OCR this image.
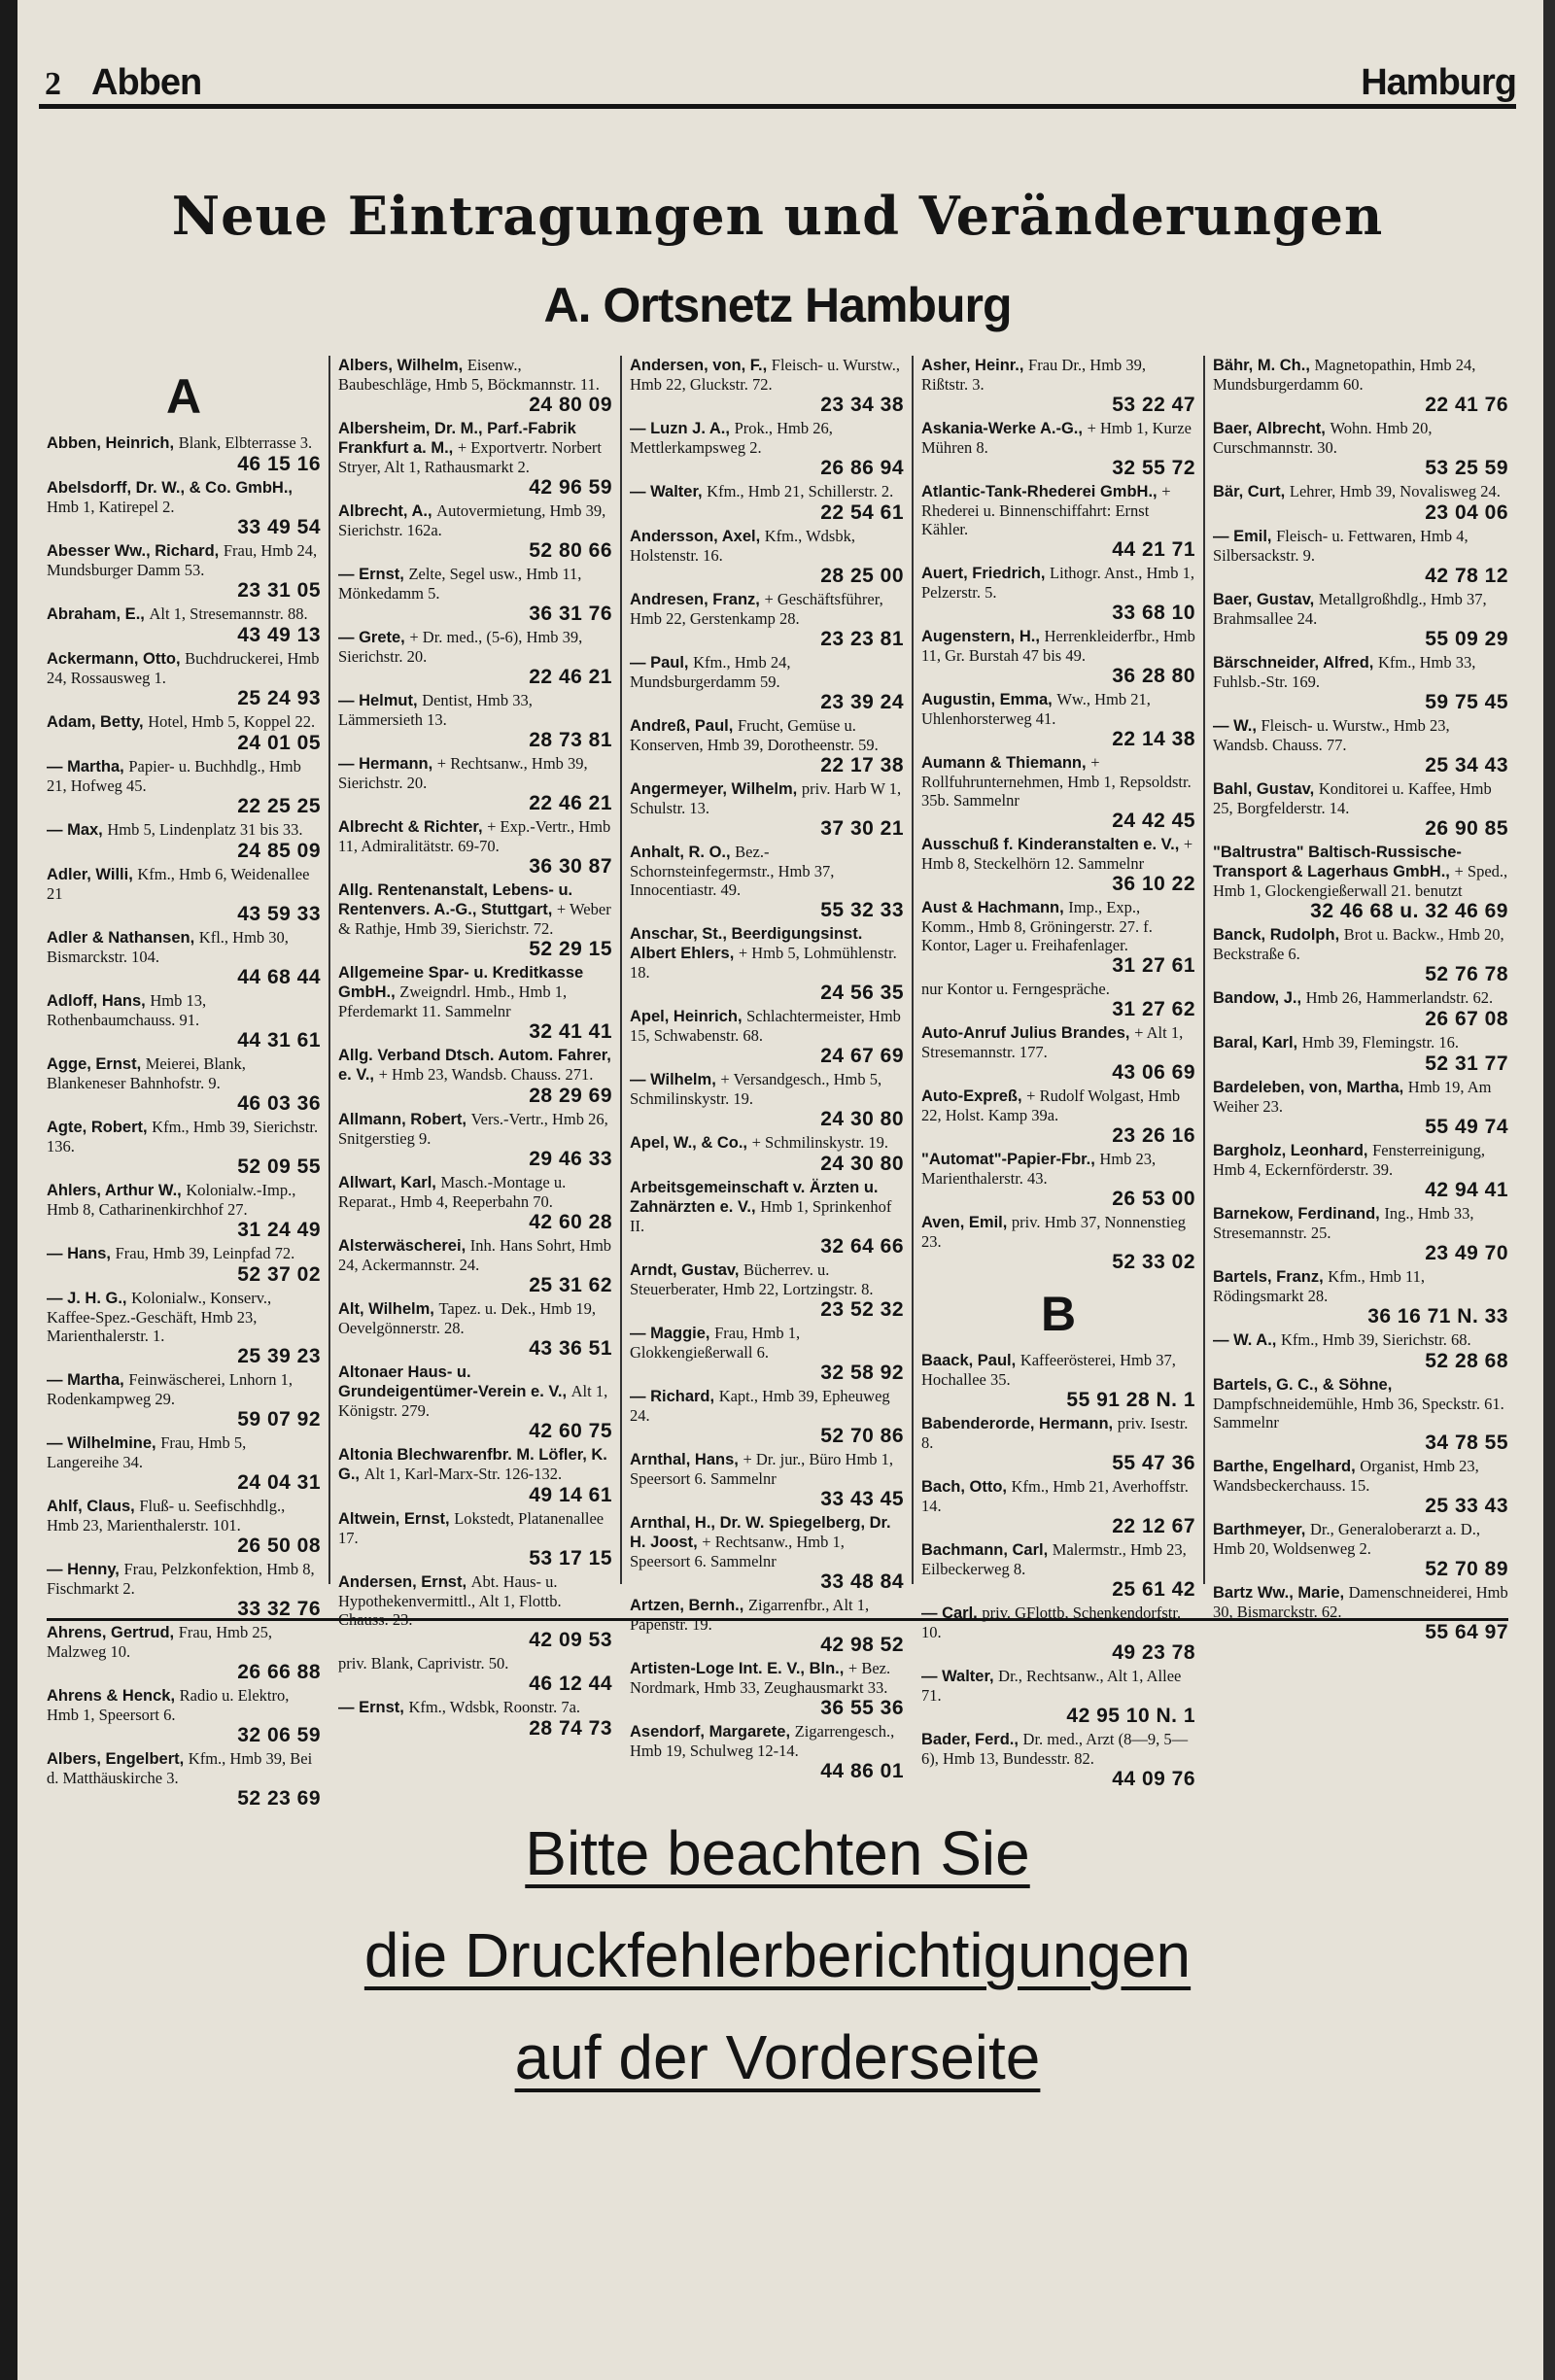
2 Abben	Hamburg
Neue Eintragungen und Veränderungen
A. Ortsnetz Hamburg
A
Abben, Heinrich, Blank, Elbterrasse 3.
46 15 16
Abelsdorff, Dr. W., & Co. GmbH., Hmb 1, Katirepel 2.
33 49 54
Abesser Ww., Richard, Frau, Hmb 24, Mundsburger Damm 53.
23 31 05
Abraham, E., Alt 1, Stresemannstr. 88.
43 49 13
Ackermann, Otto, Buchdruckerei, Hmb 24, Rossausweg 1.
25 24 93
Adam, Betty, Hotel, Hmb 5, Koppel 22.
24 01 05
— Martha, Papier- u. Buchhdlg., Hmb 21, Hofweg 45.
22 25 25
— Max, Hmb 5, Lindenplatz 31 bis 33.
24 85 09
Adler, Willi, Kfm., Hmb 6, Weidenallee 21
43 59 33
Adler & Nathansen, Kfl., Hmb 30, Bismarckstr. 104.
44 68 44
Adloff, Hans, Hmb 13, Rothenbaumchauss. 91.
44 31 61
Agge, Ernst, Meierei, Blank, Blankeneser Bahnhofstr. 9.
46 03 36
Agte, Robert, Kfm., Hmb 39, Sierichstr. 136.
52 09 55
Ahlers, Arthur W., Kolonialw.-Imp., Hmb 8, Catharinenkirchhof 27.
31 24 49
— Hans, Frau, Hmb 39, Leinpfad 72.
52 37 02
— J. H. G., Kolonialw., Konserv., Kaffee-Spez.-Geschäft, Hmb 23, Marienthalerstr. 1.
25 39 23
— Martha, Feinwäscherei, Lnhorn 1, Rodenkampweg 29.
59 07 92
— Wilhelmine, Frau, Hmb 5, Langereihe 34.
24 04 31
Ahlf, Claus, Fluß- u. Seefischhdlg., Hmb 23, Marienthalerstr. 101.
26 50 08
— Henny, Frau, Pelzkonfektion, Hmb 8, Fischmarkt 2.
33 32 76
Ahrens, Gertrud, Frau, Hmb 25, Malzweg 10.
26 66 88
Ahrens & Henck, Radio u. Elektro, Hmb 1, Speersort 6.
32 06 59
Albers, Engelbert, Kfm., Hmb 39, Bei d. Matthäuskirche 3.
52 23 69
Albers, Wilhelm, Eisenw., Baubeschläge, Hmb 5, Böckmannstr. 11.
24 80 09
Albersheim, Dr. M., Parf.-Fabrik Frankfurt a. M., + Exportvertr. Norbert Stryer, Alt 1, Rathausmarkt 2.
42 96 59
Albrecht, A., Autovermietung, Hmb 39, Sierichstr. 162a.
52 80 66
— Ernst, Zelte, Segel usw., Hmb 11, Mönkedamm 5.
36 31 76
— Grete, + Dr. med., (5-6), Hmb 39, Sierichstr. 20.
22 46 21
— Helmut, Dentist, Hmb 33, Lämmersieth 13.
28 73 81
— Hermann, + Rechtsanw., Hmb 39, Sierichstr. 20.
22 46 21
Albrecht & Richter, + Exp.-Vertr., Hmb 11, Admiralitätstr. 69-70.
36 30 87
Allg. Rentenanstalt, Lebens- u. Rentenvers. A.-G., Stuttgart, + Weber & Rathje, Hmb 39, Sierichstr. 72.
52 29 15
Allgemeine Spar- u. Kreditkasse GmbH., Zweigndrl. Hmb., Hmb 1, Pferdemarkt 11. Sammelnr
32 41 41
Allg. Verband Dtsch. Autom. Fahrer, e. V., + Hmb 23, Wandsb. Chauss. 271.
28 29 69
Allmann, Robert, Vers.-Vertr., Hmb 26, Snitgerstieg 9.
29 46 33
Allwart, Karl, Masch.-Montage u. Reparat., Hmb 4, Reeperbahn 70.
42 60 28
Alsterwäscherei, Inh. Hans Sohrt, Hmb 24, Ackermannstr. 24.
25 31 62
Alt, Wilhelm, Tapez. u. Dek., Hmb 19, Oevelgönnerstr. 28.
43 36 51
Altonaer Haus- u. Grundeigentümer-Verein e. V., Alt 1, Königstr. 279.
42 60 75
Altonia Blechwarenfbr. M. Löfler, K. G., Alt 1, Karl-Marx-Str. 126-132.
49 14 61
Altwein, Ernst, Lokstedt, Platanenallee 17.
53 17 15
Andersen, Ernst, Abt. Haus- u. Hypothekenvermittl., Alt 1, Flottb. Chauss. 23.
42 09 53
priv. Blank, Caprivistr. 50.
46 12 44
— Ernst, Kfm., Wdsbk, Roonstr. 7a.
28 74 73
Andersen, von, F., Fleisch- u. Wurstw., Hmb 22, Gluckstr. 72.
23 34 38
— Luzn J. A., Prok., Hmb 26, Mettlerkampsweg 2.
26 86 94
— Walter, Kfm., Hmb 21, Schillerstr. 2.
22 54 61
Andersson, Axel, Kfm., Wdsbk, Holstenstr. 16.
28 25 00
Andresen, Franz, + Geschäftsführer, Hmb 22, Gerstenkamp 28.
23 23 81
— Paul, Kfm., Hmb 24, Mundsburgerdamm 59.
23 39 24
Andreß, Paul, Frucht, Gemüse u. Konserven, Hmb 39, Dorotheenstr. 59.
22 17 38
Angermeyer, Wilhelm, priv. Harb W 1, Schulstr. 13.
37 30 21
Anhalt, R. O., Bez.-Schornsteinfegermstr., Hmb 37, Innocentiastr. 49.
55 32 33
Anschar, St., Beerdigungsinst. Albert Ehlers, + Hmb 5, Lohmühlenstr. 18.
24 56 35
Apel, Heinrich, Schlachtermeister, Hmb 15, Schwabenstr. 68.
24 67 69
— Wilhelm, + Versandgesch., Hmb 5, Schmilinskystr. 19.
24 30 80
Apel, W., & Co., + Schmilinskystr. 19.
24 30 80
Arbeitsgemeinschaft v. Ärzten u. Zahnärzten e. V., Hmb 1, Sprinkenhof II.
32 64 66
Arndt, Gustav, Bücherrev. u. Steuerberater, Hmb 22, Lortzingstr. 8.
23 52 32
— Maggie, Frau, Hmb 1, Glokkengießerwall 6.
32 58 92
— Richard, Kapt., Hmb 39, Epheuweg 24.
52 70 86
Arnthal, Hans, + Dr. jur., Büro Hmb 1, Speersort 6. Sammelnr
33 43 45
Arnthal, H., Dr. W. Spiegelberg, Dr. H. Joost, + Rechtsanw., Hmb 1, Speersort 6. Sammelnr
33 48 84
Artzen, Bernh., Zigarrenfbr., Alt 1, Papenstr. 19.
42 98 52
Artisten-Loge Int. E. V., Bln., + Bez. Nordmark, Hmb 33, Zeughausmarkt 33.
36 55 36
Asendorf, Margarete, Zigarrengesch., Hmb 19, Schulweg 12-14.
44 86 01
Asher, Heinr., Frau Dr., Hmb 39, Rißtstr. 3.
53 22 47
Askania-Werke A.-G., + Hmb 1, Kurze Mühren 8.
32 55 72
Atlantic-Tank-Rhederei GmbH., + Rhederei u. Binnenschiffahrt: Ernst Kähler.
44 21 71
Auert, Friedrich, Lithogr. Anst., Hmb 1, Pelzerstr. 5.
33 68 10
Augenstern, H., Herrenkleiderfbr., Hmb 11, Gr. Burstah 47 bis 49.
36 28 80
Augustin, Emma, Ww., Hmb 21, Uhlenhorsterweg 41.
22 14 38
Aumann & Thiemann, + Rollfuhrunternehmen, Hmb 1, Repsoldstr. 35b. Sammelnr
24 42 45
Ausschuß f. Kinderanstalten e. V., + Hmb 8, Steckelhörn 12. Sammelnr
36 10 22
Aust & Hachmann, Imp., Exp., Komm., Hmb 8, Gröningerstr. 27. f. Kontor, Lager u. Freihafenlager.
31 27 61
nur Kontor u. Ferngespräche.
31 27 62
Auto-Anruf Julius Brandes, + Alt 1, Stresemannstr. 177.
43 06 69
Auto-Expreß, + Rudolf Wolgast, Hmb 22, Holst. Kamp 39a.
23 26 16
"Automat"-Papier-Fbr., Hmb 23, Marienthalerstr. 43.
26 53 00
Aven, Emil, priv. Hmb 37, Nonnenstieg 23.
52 33 02
B
Baack, Paul, Kaffeerösterei, Hmb 37, Hochallee 35.
55 91 28 N. 1
Babenderorde, Hermann, priv. Isestr. 8.
55 47 36
Bach, Otto, Kfm., Hmb 21, Averhoffstr. 14.
22 12 67
Bachmann, Carl, Malermstr., Hmb 23, Eilbeckerweg 8.
25 61 42
— Carl, priv. GFlottb, Schenkendorfstr. 10.
49 23 78
— Walter, Dr., Rechtsanw., Alt 1, Allee 71.
42 95 10 N. 1
Bader, Ferd., Dr. med., Arzt (8—9, 5—6), Hmb 13, Bundesstr. 82.
44 09 76
Bähr, M. Ch., Magnetopathin, Hmb 24, Mundsburgerdamm 60.
22 41 76
Baer, Albrecht, Wohn. Hmb 20, Curschmannstr. 30.
53 25 59
Bär, Curt, Lehrer, Hmb 39, Novalisweg 24.
23 04 06
— Emil, Fleisch- u. Fettwaren, Hmb 4, Silbersackstr. 9.
42 78 12
Baer, Gustav, Metallgroßhdlg., Hmb 37, Brahmsallee 24.
55 09 29
Bärschneider, Alfred, Kfm., Hmb 33, Fuhlsb.-Str. 169.
59 75 45
— W., Fleisch- u. Wurstw., Hmb 23, Wandsb. Chauss. 77.
25 34 43
Bahl, Gustav, Konditorei u. Kaffee, Hmb 25, Borgfelderstr. 14.
26 90 85
"Baltrustra" Baltisch-Russische-Transport & Lagerhaus GmbH., + Sped., Hmb 1, Glockengießerwall 21. benutzt
32 46 68 u. 32 46 69
Banck, Rudolph, Brot u. Backw., Hmb 20, Beckstraße 6.
52 76 78
Bandow, J., Hmb 26, Hammerlandstr. 62.
26 67 08
Baral, Karl, Hmb 39, Flemingstr. 16.
52 31 77
Bardeleben, von, Martha, Hmb 19, Am Weiher 23.
55 49 74
Bargholz, Leonhard, Fensterreinigung, Hmb 4, Eckernförderstr. 39.
42 94 41
Barnekow, Ferdinand, Ing., Hmb 33, Stresemannstr. 25.
23 49 70
Bartels, Franz, Kfm., Hmb 11, Rödingsmarkt 28.
36 16 71 N. 33
— W. A., Kfm., Hmb 39, Sierichstr. 68.
52 28 68
Bartels, G. C., & Söhne, Dampfschneidemühle, Hmb 36, Speckstr. 61. Sammelnr
34 78 55
Barthe, Engelhard, Organist, Hmb 23, Wandsbeckerchauss. 15.
25 33 43
Barthmeyer, Dr., Generaloberarzt a. D., Hmb 20, Woldsenweg 2.
52 70 89
Bartz Ww., Marie, Damenschneiderei, Hmb 30, Bismarckstr. 62.
55 64 97
Bitte beachten Sie
die Druckfehlerberichtigungen
auf der Vorderseite
